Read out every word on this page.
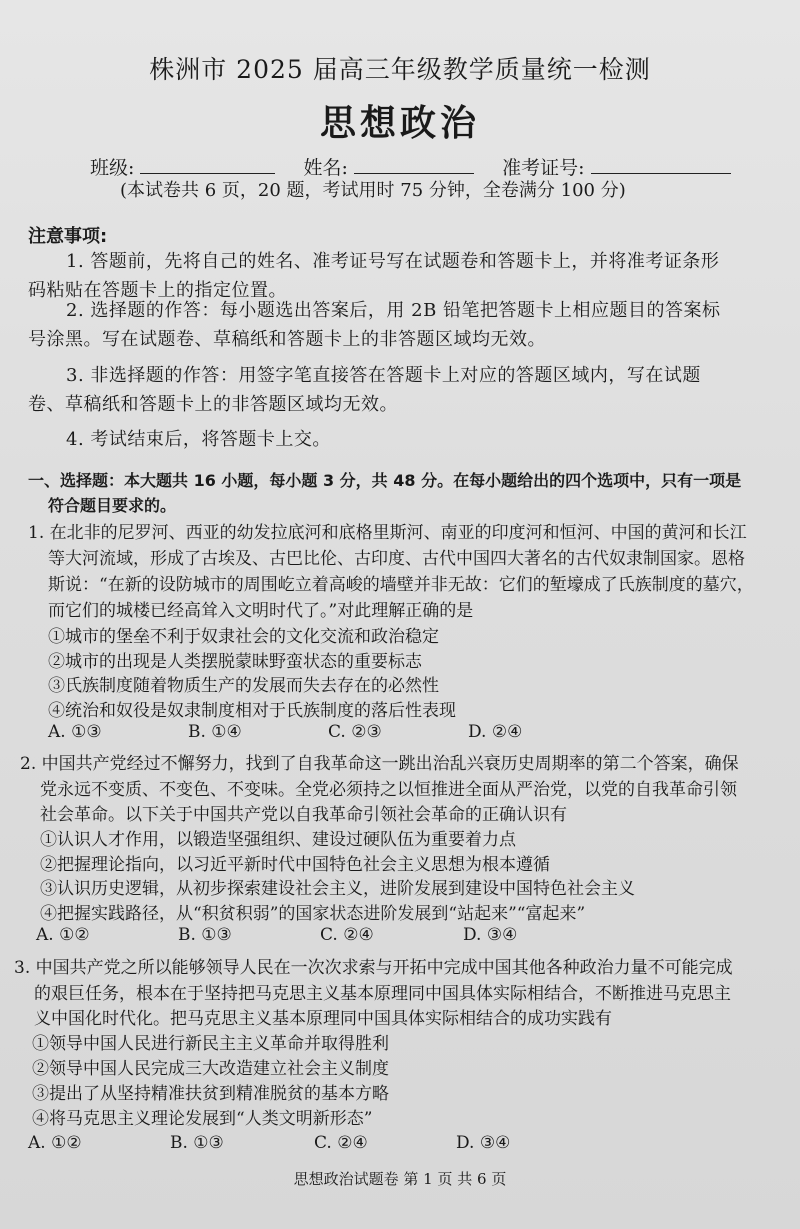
株洲市 2025 届高三年级教学质量统一检测
思想政治
班级:	姓名:	准考证号:
(本试卷共 6 页，20 题，考试用时 75 分钟，全卷满分 100 分)
注意事项:
1. 答题前，先将自己的姓名、准考证号写在试题卷和答题卡上，并将准考证条形
码粘贴在答题卡上的指定位置。
2. 选择题的作答：每小题选出答案后，用 2B 铅笔把答题卡上相应题目的答案标
号涂黑。写在试题卷、草稿纸和答题卡上的非答题区域均无效。
3. 非选择题的作答：用签字笔直接答在答题卡上对应的答题区域内，写在试题
卷、草稿纸和答题卡上的非答题区域均无效。
4. 考试结束后，将答题卡上交。
一、选择题：本大题共 16 小题，每小题 3 分，共 48 分。在每小题给出的四个选项中，只有一项是
符合题目要求的。
1. 在北非的尼罗河、西亚的幼发拉底河和底格里斯河、南亚的印度河和恒河、中国的黄河和长江
等大河流域，形成了古埃及、古巴比伦、古印度、古代中国四大著名的古代奴隶制国家。恩格
斯说：“在新的设防城市的周围屹立着高峻的墙壁并非无故：它们的堑壕成了氏族制度的墓穴，
而它们的城楼已经高耸入文明时代了。”对此理解正确的是
①城市的堡垒不利于奴隶社会的文化交流和政治稳定
②城市的出现是人类摆脱蒙昧野蛮状态的重要标志
③氏族制度随着物质生产的发展而失去存在的必然性
④统治和奴役是奴隶制度相对于氏族制度的落后性表现
A. ①③	B. ①④	C. ②③	D. ②④
2. 中国共产党经过不懈努力，找到了自我革命这一跳出治乱兴衰历史周期率的第二个答案，确保
党永远不变质、不变色、不变味。全党必须持之以恒推进全面从严治党，以党的自我革命引领
社会革命。以下关于中国共产党以自我革命引领社会革命的正确认识有
①认识人才作用，以锻造坚强组织、建设过硬队伍为重要着力点
②把握理论指向，以习近平新时代中国特色社会主义思想为根本遵循
③认识历史逻辑，从初步探索建设社会主义，进阶发展到建设中国特色社会主义
④把握实践路径，从“积贫积弱”的国家状态进阶发展到“站起来”“富起来”
A. ①②	B. ①③	C. ②④	D. ③④
3. 中国共产党之所以能够领导人民在一次次求索与开拓中完成中国其他各种政治力量不可能完成
的艰巨任务，根本在于坚持把马克思主义基本原理同中国具体实际相结合，不断推进马克思主
义中国化时代化。把马克思主义基本原理同中国具体实际相结合的成功实践有
①领导中国人民进行新民主主义革命并取得胜利
②领导中国人民完成三大改造建立社会主义制度
③提出了从坚持精准扶贫到精准脱贫的基本方略
④将马克思主义理论发展到“人类文明新形态”
A. ①②	B. ①③	C. ②④	D. ③④
思想政治试题卷 第 1 页 共 6 页
